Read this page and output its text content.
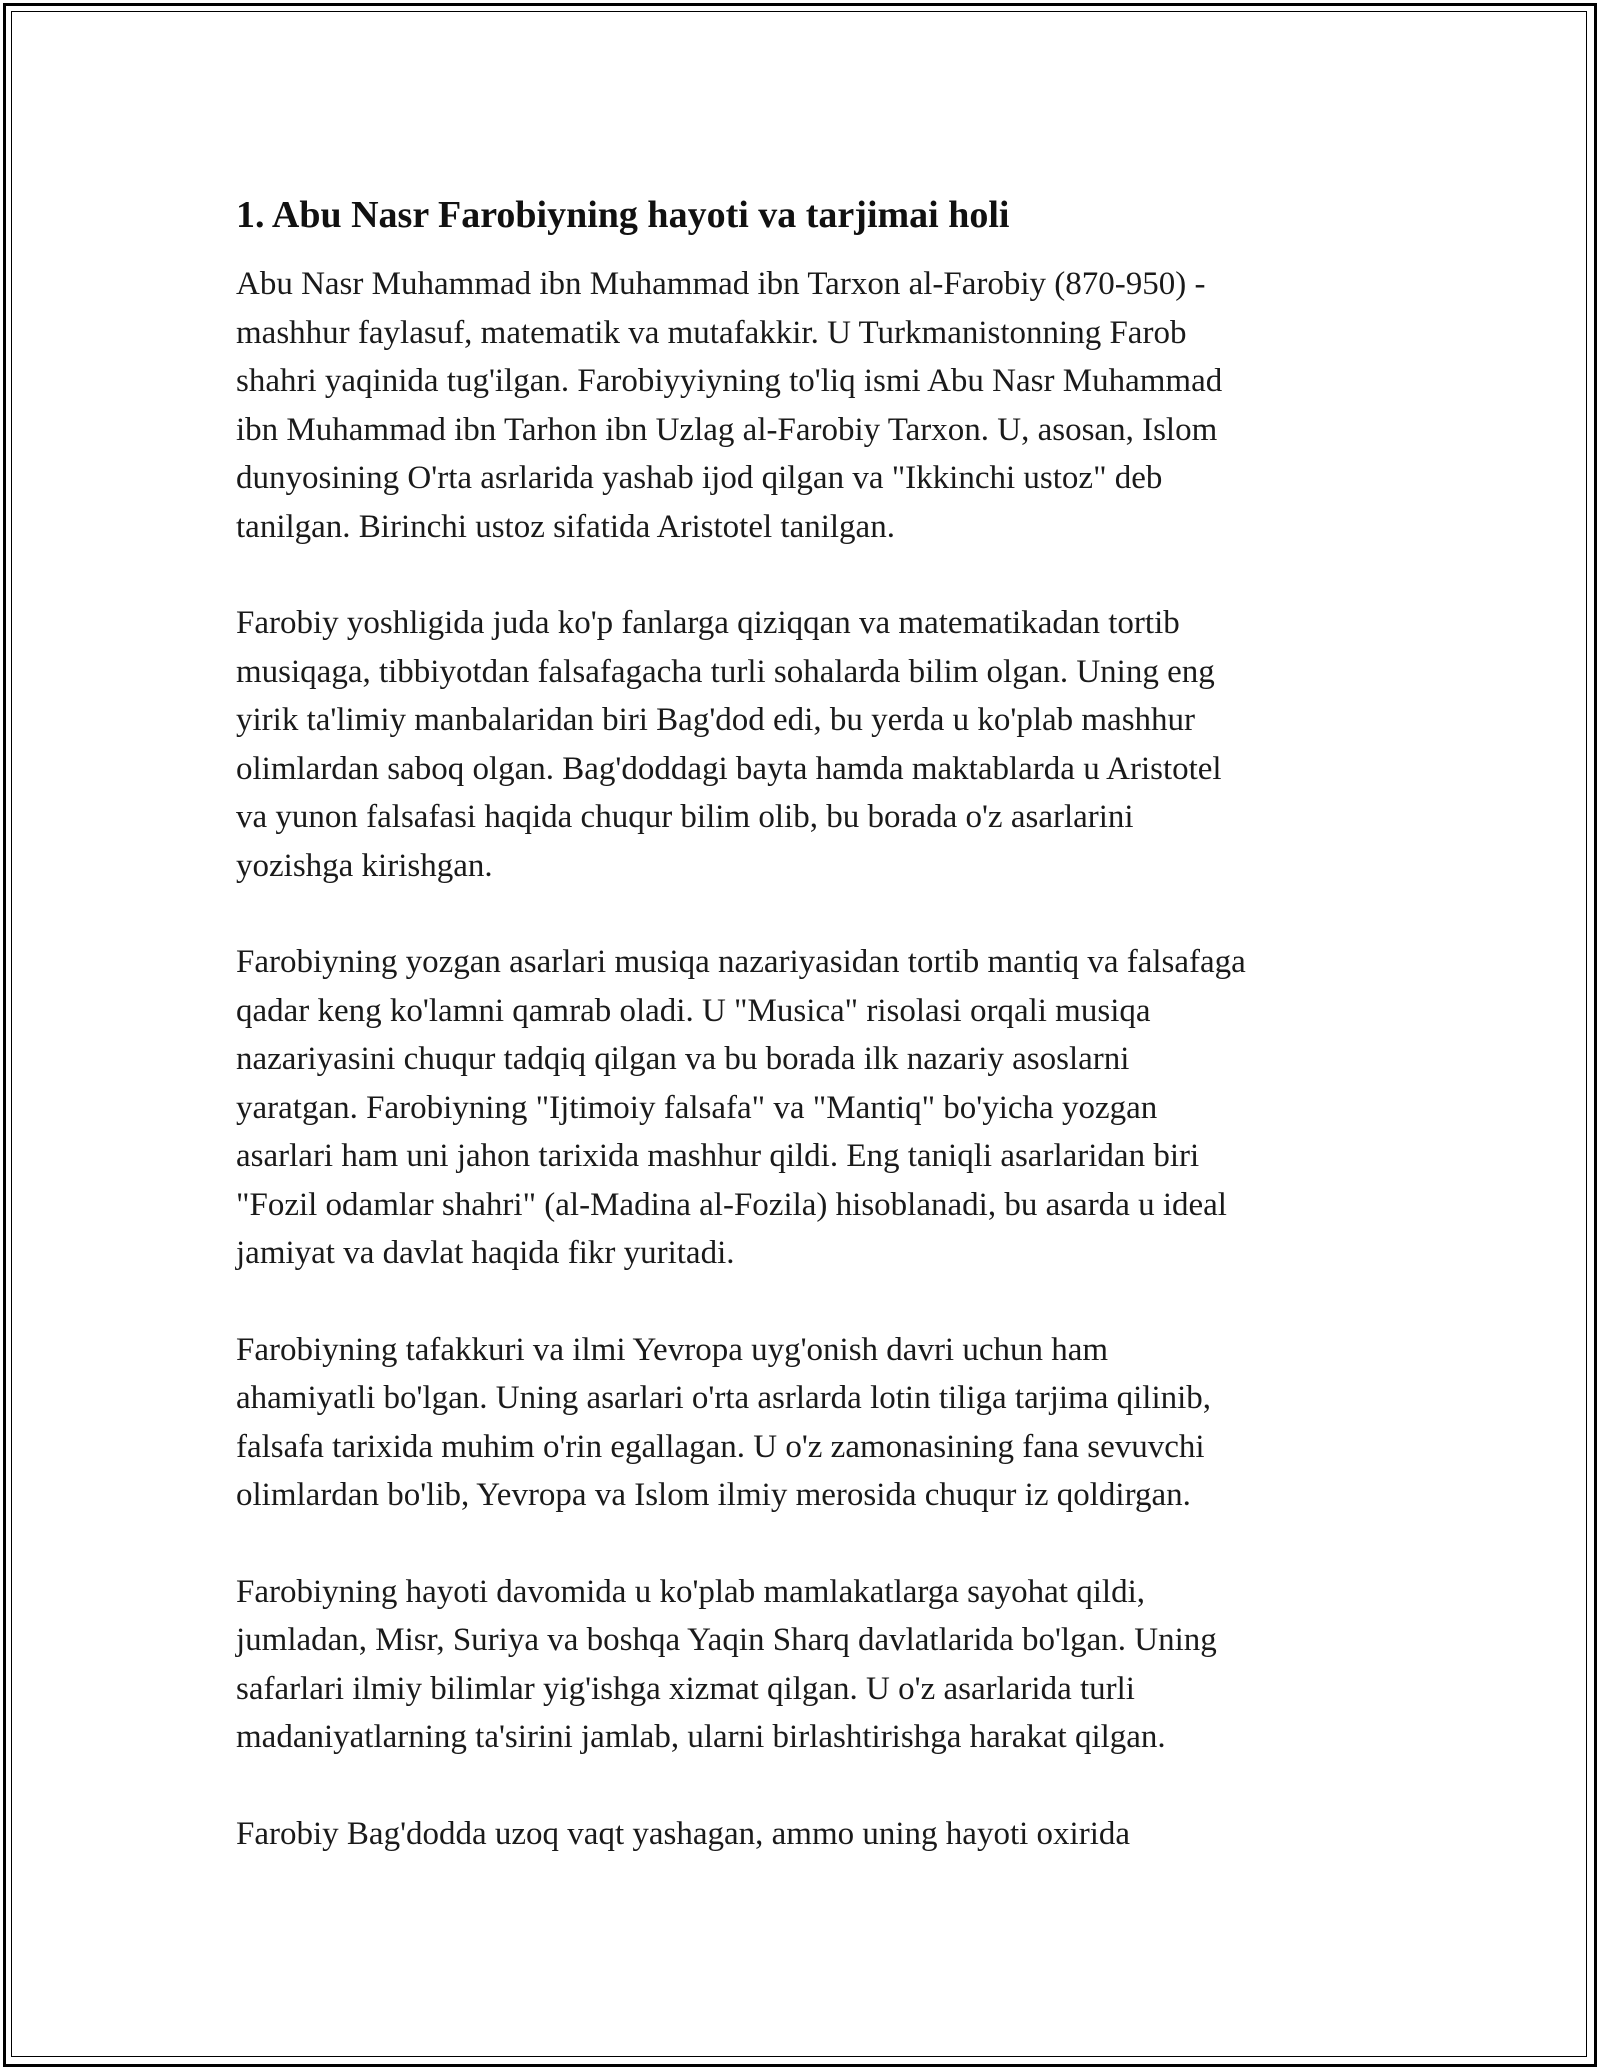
1. Abu Nasr Farobiyning hayoti va tarjimai holi

Abu Nasr Muhammad ibn Muhammad ibn Tarxon al-Farobiy (870-950) -
mashhur faylasuf, matematik va mutafakkir. U Turkmanistonning Farob
shahri yaqinida tug'ilgan. Farobiyyiyning to'liq ismi Abu Nasr Muhammad
ibn Muhammad ibn Tarhon ibn Uzlag al-Farobiy Tarxon. U, asosan, Islom
dunyosining O'rta asrlarida yashab ijod qilgan va "Ikkinchi ustoz" deb
tanilgan. Birinchi ustoz sifatida Aristotel tanilgan.

Farobiy yoshligida juda ko'p fanlarga qiziqqan va matematikadan tortib
musiqaga, tibbiyotdan falsafagacha turli sohalarda bilim olgan. Uning eng
yirik ta'limiy manbalaridan biri Bag'dod edi, bu yerda u ko'plab mashhur
olimlardan saboq olgan. Bag'doddagi bayta hamda maktablarda u Aristotel
va yunon falsafasi haqida chuqur bilim olib, bu borada o'z asarlarini
yozishga kirishgan.

Farobiyning yozgan asarlari musiqa nazariyasidan tortib mantiq va falsafaga
qadar keng ko'lamni qamrab oladi. U "Musica" risolasi orqali musiqa
nazariyasini chuqur tadqiq qilgan va bu borada ilk nazariy asoslarni
yaratgan. Farobiyning "Ijtimoiy falsafa" va "Mantiq" bo'yicha yozgan
asarlari ham uni jahon tarixida mashhur qildi. Eng taniqli asarlaridan biri
"Fozil odamlar shahri" (al-Madina al-Fozila) hisoblanadi, bu asarda u ideal
jamiyat va davlat haqida fikr yuritadi.

Farobiyning tafakkuri va ilmi Yevropa uyg'onish davri uchun ham
ahamiyatli bo'lgan. Uning asarlari o'rta asrlarda lotin tiliga tarjima qilinib,
falsafa tarixida muhim o'rin egallagan. U o'z zamonasining fana sevuvchi
olimlardan bo'lib, Yevropa va Islom ilmiy merosida chuqur iz qoldirgan.

Farobiyning hayoti davomida u ko'plab mamlakatlarga sayohat qildi,
jumladan, Misr, Suriya va boshqa Yaqin Sharq davlatlarida bo'lgan. Uning
safarlari ilmiy bilimlar yig'ishga xizmat qilgan. U o'z asarlarida turli
madaniyatlarning ta'sirini jamlab, ularni birlashtirishga harakat qilgan.

Farobiy Bag'dodda uzoq vaqt yashagan, ammo uning hayoti oxirida
